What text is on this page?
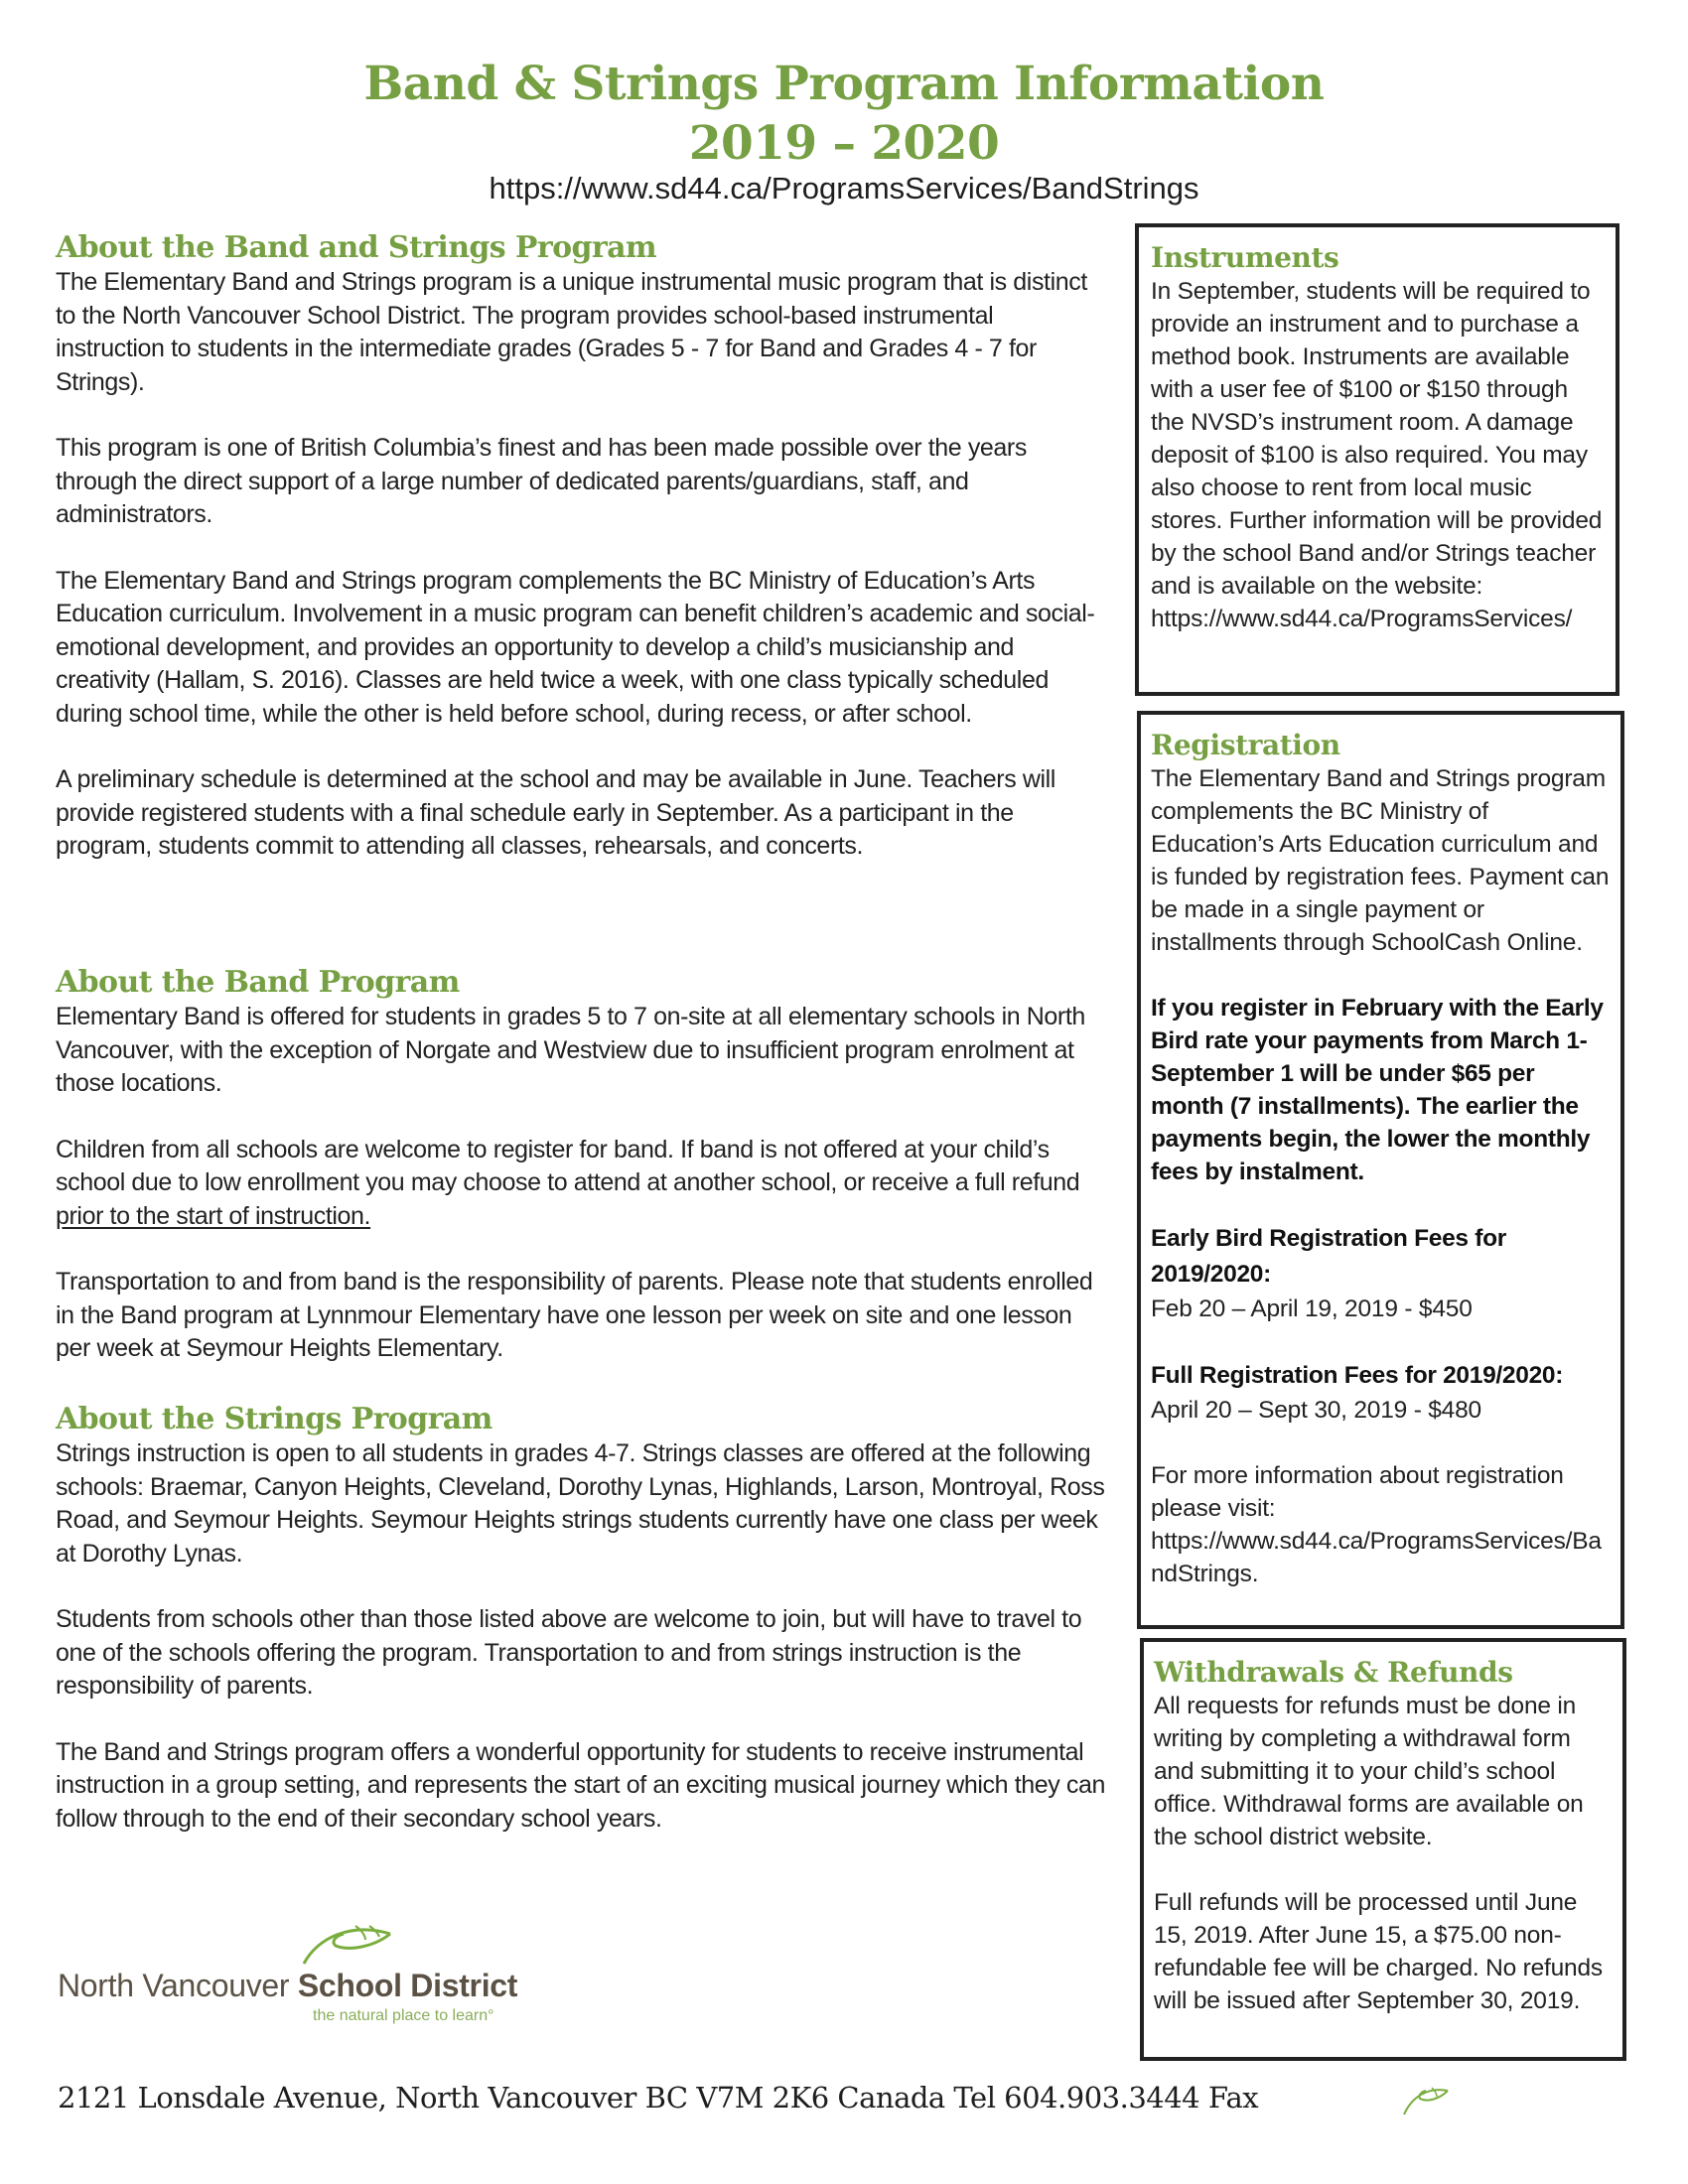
Band & Strings Program Information
2019 – 2020
https://www.sd44.ca/ProgramsServices/BandStrings
About the Band and Strings Program

The Elementary Band and Strings program is a unique instrumental music program that is distinct to the North Vancouver School District. The program provides school-based instrumental instruction to students in the intermediate grades (Grades 5 - 7 for Band and Grades 4 - 7 for Strings).

This program is one of British Columbia’s finest and has been made possible over the years through the direct support of a large number of dedicated parents/guardians, staff, and administrators.

The Elementary Band and Strings program complements the BC Ministry of Education’s Arts Education curriculum. Involvement in a music program can benefit children’s academic and social-emotional development, and provides an opportunity to develop a child’s musicianship and creativity (Hallam, S. 2016). Classes are held twice a week, with one class typically scheduled during school time, while the other is held before school, during recess, or after school.

A preliminary schedule is determined at the school and may be available in June. Teachers will provide registered students with a final schedule early in September. As a participant in the program, students commit to attending all classes, rehearsals, and concerts.

About the Band Program

Elementary Band is offered for students in grades 5 to 7 on-site at all elementary schools in North Vancouver, with the exception of Norgate and Westview due to insufficient program enrolment at those locations.

Children from all schools are welcome to register for band. If band is not offered at your child’s school due to low enrollment you may choose to attend at another school, or receive a full refund prior to the start of instruction.

Transportation to and from band is the responsibility of parents. Please note that students enrolled in the Band program at Lynnmour Elementary have one lesson per week on site and one lesson per week at Seymour Heights Elementary.

About the Strings Program

Strings instruction is open to all students in grades 4-7. Strings classes are offered at the following schools: Braemar, Canyon Heights, Cleveland, Dorothy Lynas, Highlands, Larson, Montroyal, Ross Road, and Seymour Heights. Seymour Heights strings students currently have one class per week at Dorothy Lynas.

Students from schools other than those listed above are welcome to join, but will have to travel to one of the schools offering the program. Transportation to and from strings instruction is the responsibility of parents.

The Band and Strings program offers a wonderful opportunity for students to receive instrumental instruction in a group setting, and represents the start of an exciting musical journey which they can follow through to the end of their secondary school years.

Instruments

In September, students will be required to provide an instrument and to purchase a method book. Instruments are available with a user fee of $100 or $150 through the NVSD’s instrument room. A damage deposit of $100 is also required. You may also choose to rent from local music stores. Further information will be provided by the school Band and/or Strings teacher and is available on the website: https://www.sd44.ca/ProgramsServices/

Registration

The Elementary Band and Strings program complements the BC Ministry of Education’s Arts Education curriculum and is funded by registration fees. Payment can be made in a single payment or installments through SchoolCash Online.

If you register in February with the Early Bird rate your payments from March 1- September 1 will be under $65 per month (7 installments). The earlier the payments begin, the lower the monthly fees by instalment.

Early Bird Registration Fees for 2019/2020:

Feb 20 – April 19, 2019 - $450

Full Registration Fees for 2019/2020:

April 20 – Sept 30, 2019 - $480

For more information about registration please visit: https://www.sd44.ca/ProgramsServices/BandStrings.

Withdrawals & Refunds

All requests for refunds must be done in writing by completing a withdrawal form and submitting it to your child’s school office. Withdrawal forms are available on the school district website.

Full refunds will be processed until June 15, 2019. After June 15, a $75.00 non-refundable fee will be charged. No refunds will be issued after September 30, 2019.

North Vancouver School District
the natural place to learn°
2121 Lonsdale Avenue, North Vancouver BC V7M 2K6 Canada Tel 604.903.3444 Fax
